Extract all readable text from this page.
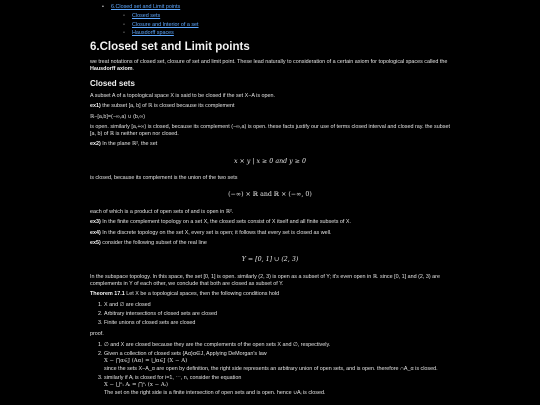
• 6.Closed set and Limit points
◦ Closed sets
◦ Closure and Interior of a set
◦ Hausdorff spaces
6.Closed set and Limit points

we treat notations of closed set, closure of set and limit point. These lead naturally to consideration of a certain axiom for topological spaces called the Hausdorff axiom.

Closed sets

A subset A of a topological space X is said to be closed if the set X−A is open.

ex1) the subset [a, b] of ℝ is closed because its complement

ℝ−[a,b]=(−∞,a) ∪ (b,∞)

is open. similarly [a,+∞) is closed, because its complement (−∞,a) is open. these facts justify our use of terms closed interval and closed ray. the subset [a, b) of ℝ is neither open nor closed.

ex2) In the plane ℝ², the set

x × y | x ≥ 0 and y ≥ 0

is closed, because its complement is the union of the two sets

(−∞) × ℝ and ℝ × (−∞, 0)

each of which is a product of open sets of and is open in ℝ².

ex3) In the finite complement topology on a set X, the closed sets consist of X itself and all finite subsets of X.

ex4) In the discrete topology on the set X, every set is open; it follows that every set is closed as well.

ex5) consider the following subset of the real line

Y = [0, 1] ∪ (2, 3)

In the subspace topology. In this space, the set [0, 1] is open. similarly (2, 3) is open as a subset of Y; it's even open in ℝ. since [0, 1] and (2, 3) are complements in Y of each other, we conclude that both are closed as subset of Y.

Theorem 17.1 Let X be a topological spaces, then the following conditions hold

1. X and ∅ are closed
2. Arbitrary intersections of closed sets are closed
3. Finite unions of closed sets are closed

proof.

1. ∅ and X are closed because they are the complements of the open sets X and ∅, respectively.
2. Given a collection of closed sets {Aα}α∈J, Applying DeMorgan's law
X − ⋂α∈J (Aα) = ⋃α∈J (X − A)
since the sets X−A_α are open by definition, the right side represents an arbitrary union of open sets, and is open. therefore ∩A_α is closed.
3. similarly if Aᵢ is closed for i=1, ⋯, n, consider the equation
X − ⋃ⁿᵢ Aᵢ = ⋂ⁿᵢ (x − Aᵢ)
The set on the right side is a finite intersection of open sets and is open. hence ∪Aᵢ is closed.
